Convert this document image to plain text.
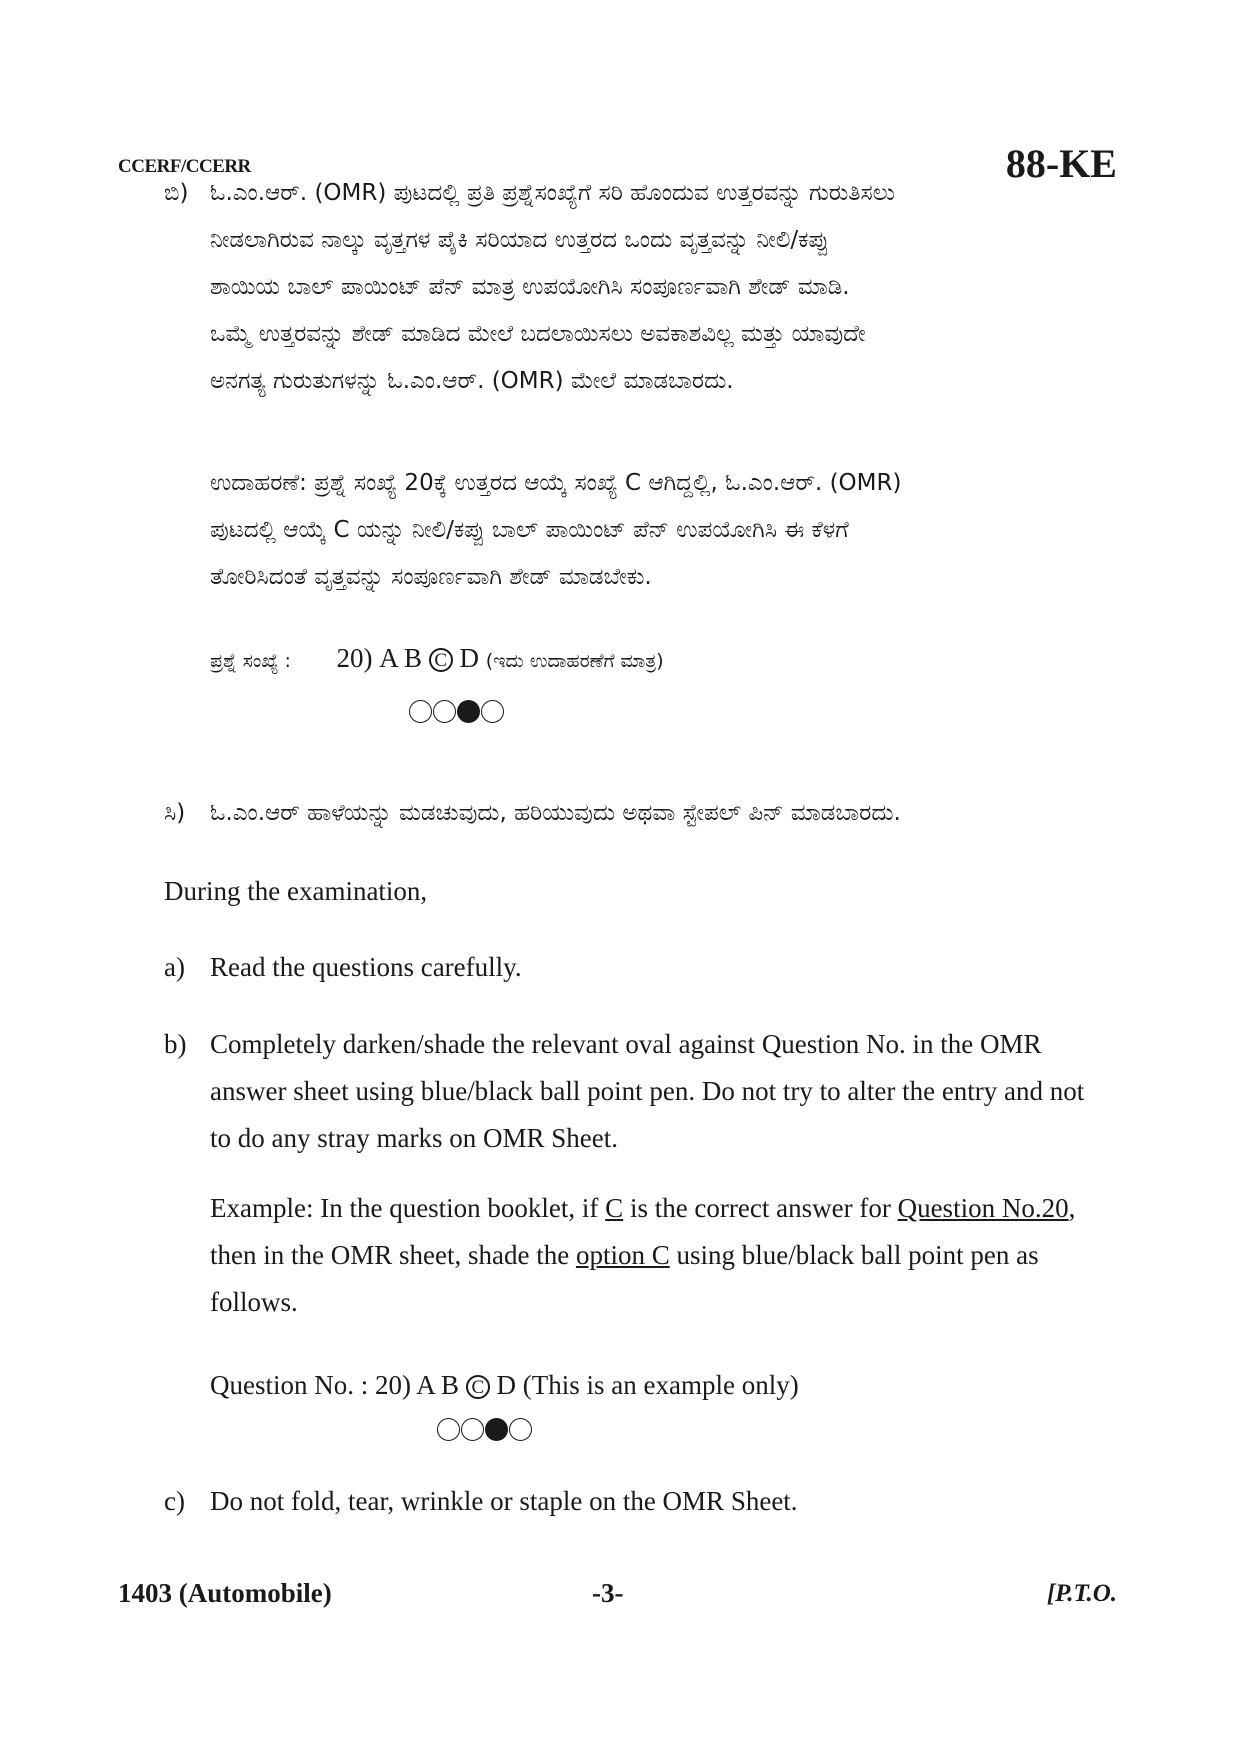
CCERF/CCERR	88-KE
ಬಿ) ಓ.ಎಂ.ಆರ್. (OMR) ಪುಟದಲ್ಲಿ ಪ್ರತಿ ಪ್ರಶ್ನೆಸಂಖ್ಯೆಗೆ ಸರಿ ಹೊಂದುವ ಉತ್ತರವನ್ನು ಗುರುತಿಸಲು
ನೀಡಲಾಗಿರುವ ನಾಲ್ಕು ವೃತ್ತಗಳ ಪೈಕಿ ಸರಿಯಾದ ಉತ್ತರದ ಒಂದು ವೃತ್ತವನ್ನು ನೀಲಿ/ಕಪ್ಪು
ಶಾಯಿಯ ಬಾಲ್ ಪಾಯಿಂಟ್ ಪೆನ್ ಮಾತ್ರ ಉಪಯೋಗಿಸಿ ಸಂಪೂರ್ಣವಾಗಿ ಶೇಡ್ ಮಾಡಿ.
ಒಮ್ಮೆ ಉತ್ತರವನ್ನು ಶೇಡ್ ಮಾಡಿದ ಮೇಲೆ ಬದಲಾಯಿಸಲು ಅವಕಾಶವಿಲ್ಲ ಮತ್ತು ಯಾವುದೇ
ಅನಗತ್ಯ ಗುರುತುಗಳನ್ನು ಓ.ಎಂ.ಆರ್. (OMR) ಮೇಲೆ ಮಾಡಬಾರದು.
ಉದಾಹರಣೆ: ಪ್ರಶ್ನೆ ಸಂಖ್ಯೆ 20ಕ್ಕೆ ಉತ್ತರದ ಆಯ್ಕೆ ಸಂಖ್ಯೆ C ಆಗಿದ್ದಲ್ಲಿ, ಓ.ಎಂ.ಆರ್. (OMR)
ಪುಟದಲ್ಲಿ ಆಯ್ಕೆ C ಯನ್ನು ನೀಲಿ/ಕಪ್ಪು ಬಾಲ್ ಪಾಯಿಂಟ್ ಪೆನ್ ಉಪಯೋಗಿಸಿ ಈ ಕೆಳಗೆ
ತೋರಿಸಿದಂತೆ ವೃತ್ತವನ್ನು ಸಂಪೂರ್ಣವಾಗಿ ಶೇಡ್ ಮಾಡಬೇಕು.
ಪ್ರಶ್ನೆ ಸಂಖ್ಯೆ : 20) A B C D (ಇದು ಉದಾಹರಣೆಗೆ ಮಾತ್ರ)
ಸಿ) ಓ.ಎಂ.ಆರ್ ಹಾಳೆಯನ್ನು ಮಡಚುವುದು, ಹರಿಯುವುದು ಅಥವಾ ಸ್ಟೇಪಲ್ ಪಿನ್ ಮಾಡಬಾರದು.
During the examination,
a) Read the questions carefully.
b) Completely darken/shade the relevant oval against Question No. in the OMR
answer sheet using blue/black ball point pen. Do not try to alter the entry and not
to do any stray marks on OMR Sheet.
Example: In the question booklet, if C is the correct answer for Question No.20,
then in the OMR sheet, shade the option C using blue/black ball point pen as
follows.
Question No. : 20) A B C D (This is an example only)
c) Do not fold, tear, wrinkle or staple on the OMR Sheet.
1403 (Automobile)	-3-	[P.T.O.
